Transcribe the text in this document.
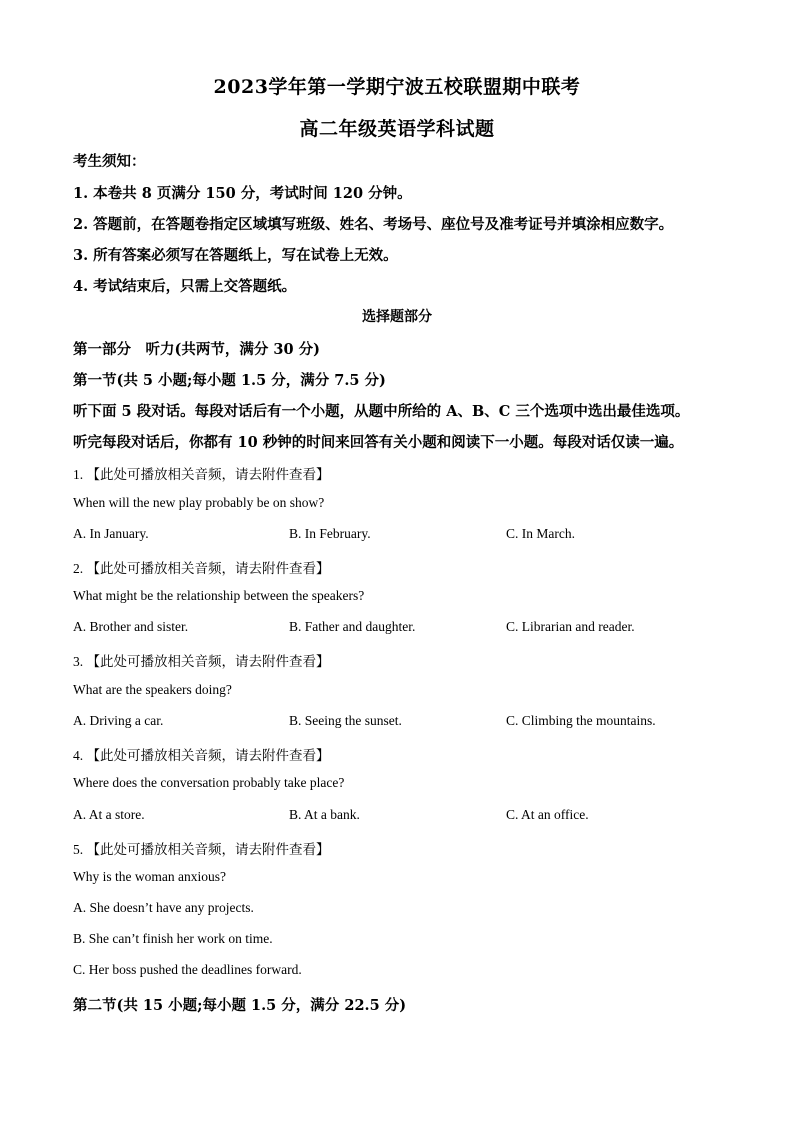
2023学年第一学期宁波五校联盟期中联考
高二年级英语学科试题
考生须知：
1. 本卷共 8 页满分 150 分，考试时间 120 分钟。
2. 答题前，在答题卷指定区域填写班级、姓名、考场号、座位号及准考证号并填涂相应数字。
3. 所有答案必须写在答题纸上，写在试卷上无效。
4. 考试结束后，只需上交答题纸。
选择题部分
第一部分　听力(共两节，满分 30 分)
第一节(共 5 小题;每小题 1.5 分，满分 7.5 分)
听下面 5 段对话。每段对话后有一个小题，从题中所给的 A、B、C 三个选项中选出最佳选项。
听完每段对话后，你都有 10 秒钟的时间来回答有关小题和阅读下一小题。每段对话仅读一遍。
1. 【此处可播放相关音频，请去附件查看】
When will the new play probably be on show?
A. In January.	B. In February.	C. In March.
2. 【此处可播放相关音频，请去附件查看】
What might be the relationship between the speakers?
A. Brother and sister.	B. Father and daughter.	C. Librarian and reader.
3. 【此处可播放相关音频，请去附件查看】
What are the speakers doing?
A. Driving a car.	B. Seeing the sunset.	C. Climbing the mountains.
4. 【此处可播放相关音频，请去附件查看】
Where does the conversation probably take place?
A. At a store.	B. At a bank.	C. At an office.
5. 【此处可播放相关音频，请去附件查看】
Why is the woman anxious?
A. She doesn’t have any projects.
B. She can’t finish her work on time.
C. Her boss pushed the deadlines forward.
第二节(共 15 小题;每小题 1.5 分，满分 22.5 分)
